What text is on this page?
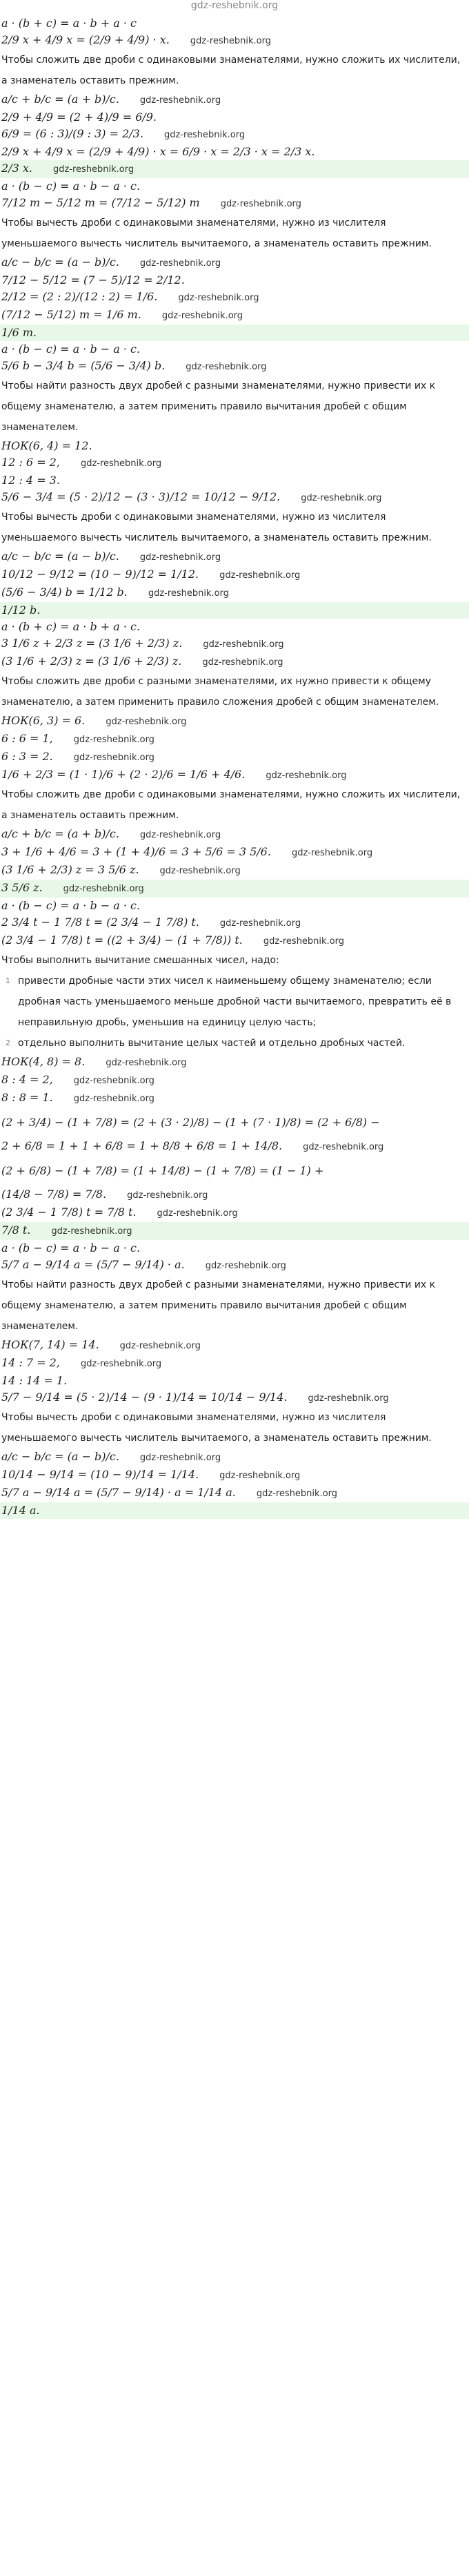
gdz-reshebnik.org
a · (b + c) = a · b + a · c
2/9 x + 4/9 x = (2/9 + 4/9) · x. gdz-reshebnik.org
Чтобы сложить две дроби с одинаковыми знаменателями, нужно сложить их числители, а знаменатель оставить прежним.
a/c + b/c = (a + b)/c. gdz-reshebnik.org
2/9 + 4/9 = (2 + 4)/9 = 6/9.
6/9 = (6 : 3)/(9 : 3) = 2/3. gdz-reshebnik.org
2/9 x + 4/9 x = (2/9 + 4/9) · x = 6/9 · x = 2/3 · x = 2/3 x.
2/3 x. gdz-reshebnik.org
a · (b − c) = a · b − a · c.
7/12 m − 5/12 m = (7/12 − 5/12) m gdz-reshebnik.org
Чтобы вычесть дроби с одинаковыми знаменателями, нужно из числителя уменьшаемого вычесть числитель вычитаемого, а знаменатель оставить прежним.
a/c − b/c = (a − b)/c. gdz-reshebnik.org
7/12 − 5/12 = (7 − 5)/12 = 2/12.
2/12 = (2 : 2)/(12 : 2) = 1/6. gdz-reshebnik.org
(7/12 − 5/12) m = 1/6 m. gdz-reshebnik.org
1/6 m.
a · (b − c) = a · b − a · c.
5/6 b − 3/4 b = (5/6 − 3/4) b. gdz-reshebnik.org
Чтобы найти разность двух дробей с разными знаменателями, нужно привести их к общему знаменателю, а затем применить правило вычитания дробей с общим знаменателем.
НОК(6, 4) = 12.
12 : 6 = 2, gdz-reshebnik.org
12 : 4 = 3.
5/6 − 3/4 = (5 · 2)/12 − (3 · 3)/12 = 10/12 − 9/12. gdz-reshebnik.org
Чтобы вычесть дроби с одинаковыми знаменателями, нужно из числителя уменьшаемого вычесть числитель вычитаемого, а знаменатель оставить прежним.
a/c − b/c = (a − b)/c. gdz-reshebnik.org
10/12 − 9/12 = (10 − 9)/12 = 1/12. gdz-reshebnik.org
(5/6 − 3/4) b = 1/12 b. gdz-reshebnik.org
1/12 b.
a · (b + c) = a · b + a · c.
3 1/6 z + 2/3 z = (3 1/6 + 2/3) z. gdz-reshebnik.org
(3 1/6 + 2/3) z = (3 1/6 + 2/3) z. gdz-reshebnik.org
Чтобы сложить две дроби с разными знаменателями, их нужно привести к общему знаменателю, а затем применить правило сложения дробей с общим знаменателем.
НОК(6, 3) = 6. gdz-reshebnik.org
6 : 6 = 1, gdz-reshebnik.org
6 : 3 = 2. gdz-reshebnik.org
1/6 + 2/3 = (1 · 1)/6 + (2 · 2)/6 = 1/6 + 4/6. gdz-reshebnik.org
Чтобы сложить две дроби с одинаковыми знаменателями, нужно сложить их числители, а знаменатель оставить прежним.
a/c + b/c = (a + b)/c. gdz-reshebnik.org
3 + 1/6 + 4/6 = 3 + (1 + 4)/6 = 3 + 5/6 = 3 5/6. gdz-reshebnik.org
(3 1/6 + 2/3) z = 3 5/6 z. gdz-reshebnik.org
3 5/6 z. gdz-reshebnik.org
a · (b − c) = a · b − a · c.
2 3/4 t − 1 7/8 t = (2 3/4 − 1 7/8) t. gdz-reshebnik.org
(2 3/4 − 1 7/8) t = ((2 + 3/4) − (1 + 7/8)) t. gdz-reshebnik.org
Чтобы выполнить вычитание смешанных чисел, надо:
1 привести дробные части этих чисел к наименьшему общему знаменателю; если дробная часть уменьшаемого меньше дробной части вычитаемого, превратить её в неправильную дробь, уменьшив на единицу целую часть;
2 отдельно выполнить вычитание целых частей и отдельно дробных частей.
НОК(4, 8) = 8. gdz-reshebnik.org
8 : 4 = 2, gdz-reshebnik.org
8 : 8 = 1. gdz-reshebnik.org
(2 + 3/4) − (1 + 7/8) = (2 + (3 · 2)/8) − (1 + (7 · 1)/8) = (2 + 6/8) −
2 + 6/8 = 1 + 1 + 6/8 = 1 + 8/8 + 6/8 = 1 + 14/8. gdz-reshebnik.org
(2 + 6/8) − (1 + 7/8) = (1 + 14/8) − (1 + 7/8) = (1 − 1) +
(14/8 − 7/8) = 7/8. gdz-reshebnik.org
(2 3/4 − 1 7/8) t = 7/8 t. gdz-reshebnik.org
7/8 t. gdz-reshebnik.org
a · (b − c) = a · b − a · c.
5/7 a − 9/14 a = (5/7 − 9/14) · a. gdz-reshebnik.org
Чтобы найти разность двух дробей с разными знаменателями, нужно привести их к общему знаменателю, а затем применить правило вычитания дробей с общим знаменателем.
НОК(7, 14) = 14. gdz-reshebnik.org
14 : 7 = 2, gdz-reshebnik.org
14 : 14 = 1.
5/7 − 9/14 = (5 · 2)/14 − (9 · 1)/14 = 10/14 − 9/14. gdz-reshebnik.org
Чтобы вычесть дроби с одинаковыми знаменателями, нужно из числителя уменьшаемого вычесть числитель вычитаемого, а знаменатель оставить прежним.
a/c − b/c = (a − b)/c. gdz-reshebnik.org
10/14 − 9/14 = (10 − 9)/14 = 1/14. gdz-reshebnik.org
5/7 a − 9/14 a = (5/7 − 9/14) · a = 1/14 a. gdz-reshebnik.org
1/14 a.
